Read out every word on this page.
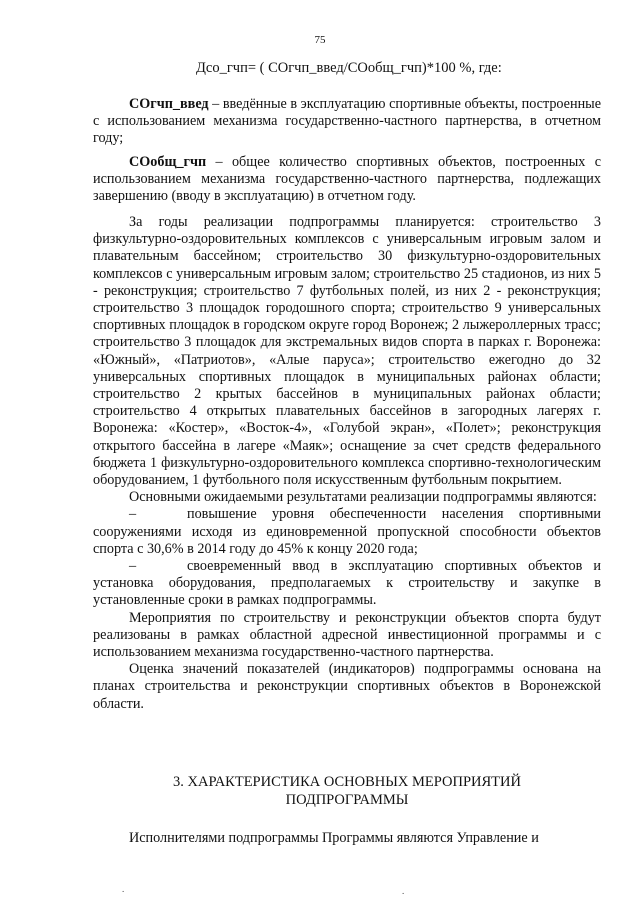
75
Дсо_гчп= ( СОгчп_введ/СОобщ_гчп)*100 %, где:

СОгчп_введ – введённые в эксплуатацию спортивные объекты, построенные с использованием механизма государственно-частного партнерства, в отчетном году;

СОобщ_гчп – общее количество спортивных объектов, построенных с использованием механизма государственно-частного партнерства, подлежащих завершению (вводу в эксплуатацию) в отчетном году.

За годы реализации подпрограммы планируется: строительство 3 физкультурно-оздоровительных комплексов с универсальным игровым залом и плавательным бассейном; строительство 30 физкультурно-оздоровительных комплексов с универсальным игровым залом; строительство 25 стадионов, из них 5 - реконструкция; строительство 7 футбольных полей, из них 2 - реконструкция; строительство 3 площадок городошного спорта; строительство 9 универсальных спортивных площадок в городском округе город Воронеж; 2 лыжероллерных трасс; строительство 3 площадок для экстремальных видов спорта в парках г. Воронежа: «Южный», «Патриотов», «Алые паруса»; строительство ежегодно до 32 универсальных спортивных площадок в муниципальных районах области; строительство 2 крытых бассейнов в муниципальных районах области; строительство 4 открытых плавательных бассейнов в загородных лагерях г. Воронежа: «Костер», «Восток-4», «Голубой экран», «Полет»; реконструкция открытого бассейна в лагере «Маяк»; оснащение за счет средств федерального бюджета 1 физкультурно-оздоровительного комплекса спортивно-технологическим оборудованием, 1 футбольного поля искусственным футбольным покрытием.

Основными ожидаемыми результатами реализации подпрограммы являются:

–	повышение уровня обеспеченности населения спортивными сооружениями исходя из единовременной пропускной способности объектов спорта с 30,6% в 2014 году до 45% к концу 2020 года;

–	своевременный ввод в эксплуатацию спортивных объектов и установка оборудования, предполагаемых к строительству и закупке в установленные сроки в рамках подпрограммы.

Мероприятия по строительству и реконструкции объектов спорта будут реализованы в рамках областной адресной инвестиционной программы и с использованием механизма государственно-частного партнерства.

Оценка значений показателей (индикаторов) подпрограммы основана на планах строительства и реконструкции спортивных объектов в Воронежской области.

3. ХАРАКТЕРИСТИКА ОСНОВНЫХ МЕРОПРИЯТИЙ
ПОДПРОГРАММЫ
Исполнителями подпрограммы Программы являются Управление и
.	.
